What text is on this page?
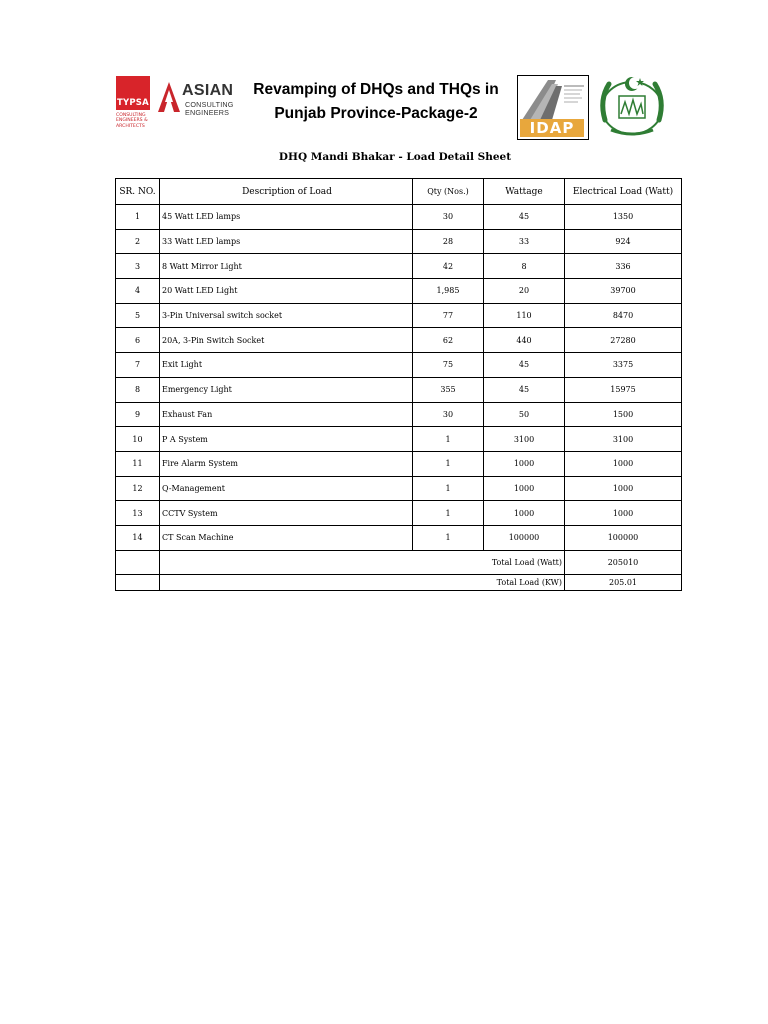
TYPSA
CONSULTING ENGINEERS & ARCHITECTS
ASIAN
CONSULTING ENGINEERS
Revamping of DHQs and THQs in Punjab Province-Package-2
IDAP
DHQ Mandi Bhakar - Load Detail Sheet
SR. NO.	Description of Load	Qty (Nos.)	Wattage	Electrical Load (Watt)
1	45 Watt LED lamps	30	45	1350
2	33 Watt LED lamps	28	33	924
3	8 Watt Mirror Light	42	8	336
4	20 Watt LED Light	1,985	20	39700
5	3-Pin Universal switch socket	77	110	8470
6	20A, 3-Pin Switch Socket	62	440	27280
7	Exit Light	75	45	3375
8	Emergency Light	355	45	15975
9	Exhaust Fan	30	50	1500
10	P A System	1	3100	3100
11	Fire Alarm System	1	1000	1000
12	Q-Management	1	1000	1000
13	CCTV System	1	1000	1000
14	CT Scan Machine	1	100000	100000
	Total Load (Watt)			205010
	Total Load (KW)			205.01
